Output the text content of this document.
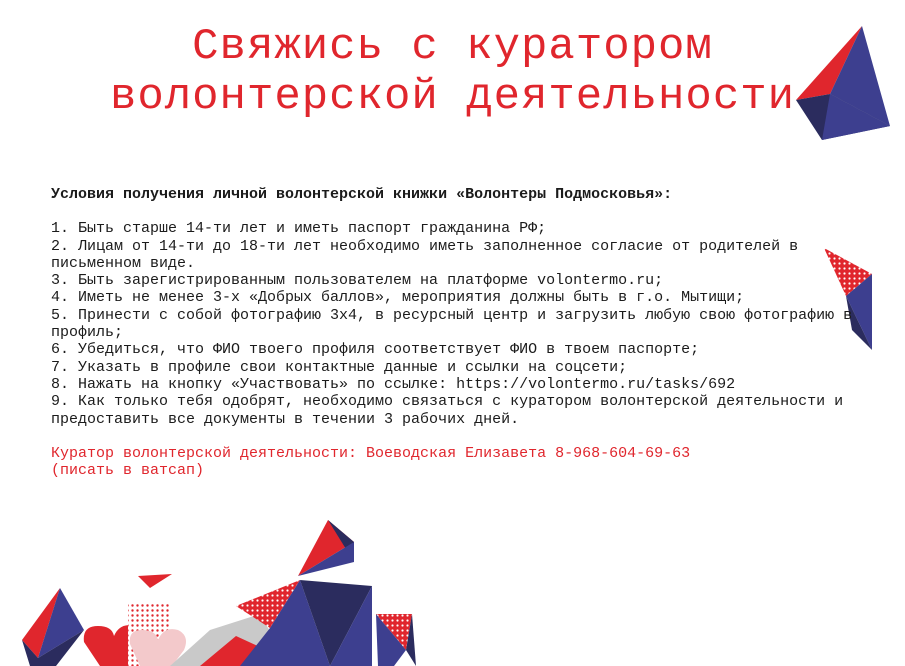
Свяжись с куратором
волонтерской деятельности

Условия получения личной волонтерской книжки «Волонтеры Подмосковья»:

1. Быть старше 14-ти лет и иметь паспорт гражданина РФ;
2. Лицам от 14-ти до 18-ти лет необходимо иметь заполненное согласие от родителей в письменном виде.
3. Быть зарегистрированным пользователем на платформе volontermo.ru;
4. Иметь не менее 3-х «Добрых баллов», мероприятия должны быть в г.о. Мытищи;
5. Принести с собой фотографию 3х4, в ресурсный центр и загрузить любую свою фотографию в профиль;
6. Убедиться, что ФИО твоего профиля соответствует ФИО в твоем паспорте;
7. Указать в профиле свои контактные данные и ссылки на соцсети;
8. Нажать на кнопку «Участвовать» по ссылке: https://volontermo.ru/tasks/692
9. Как только тебя одобрят, необходимо связаться с куратором волонтерской деятельности и предоставить все документы в течении 3 рабочих дней.
Куратор волонтерской деятельности: Воеводская Елизавета 8-968-604-69-63
(писать в ватсап)
